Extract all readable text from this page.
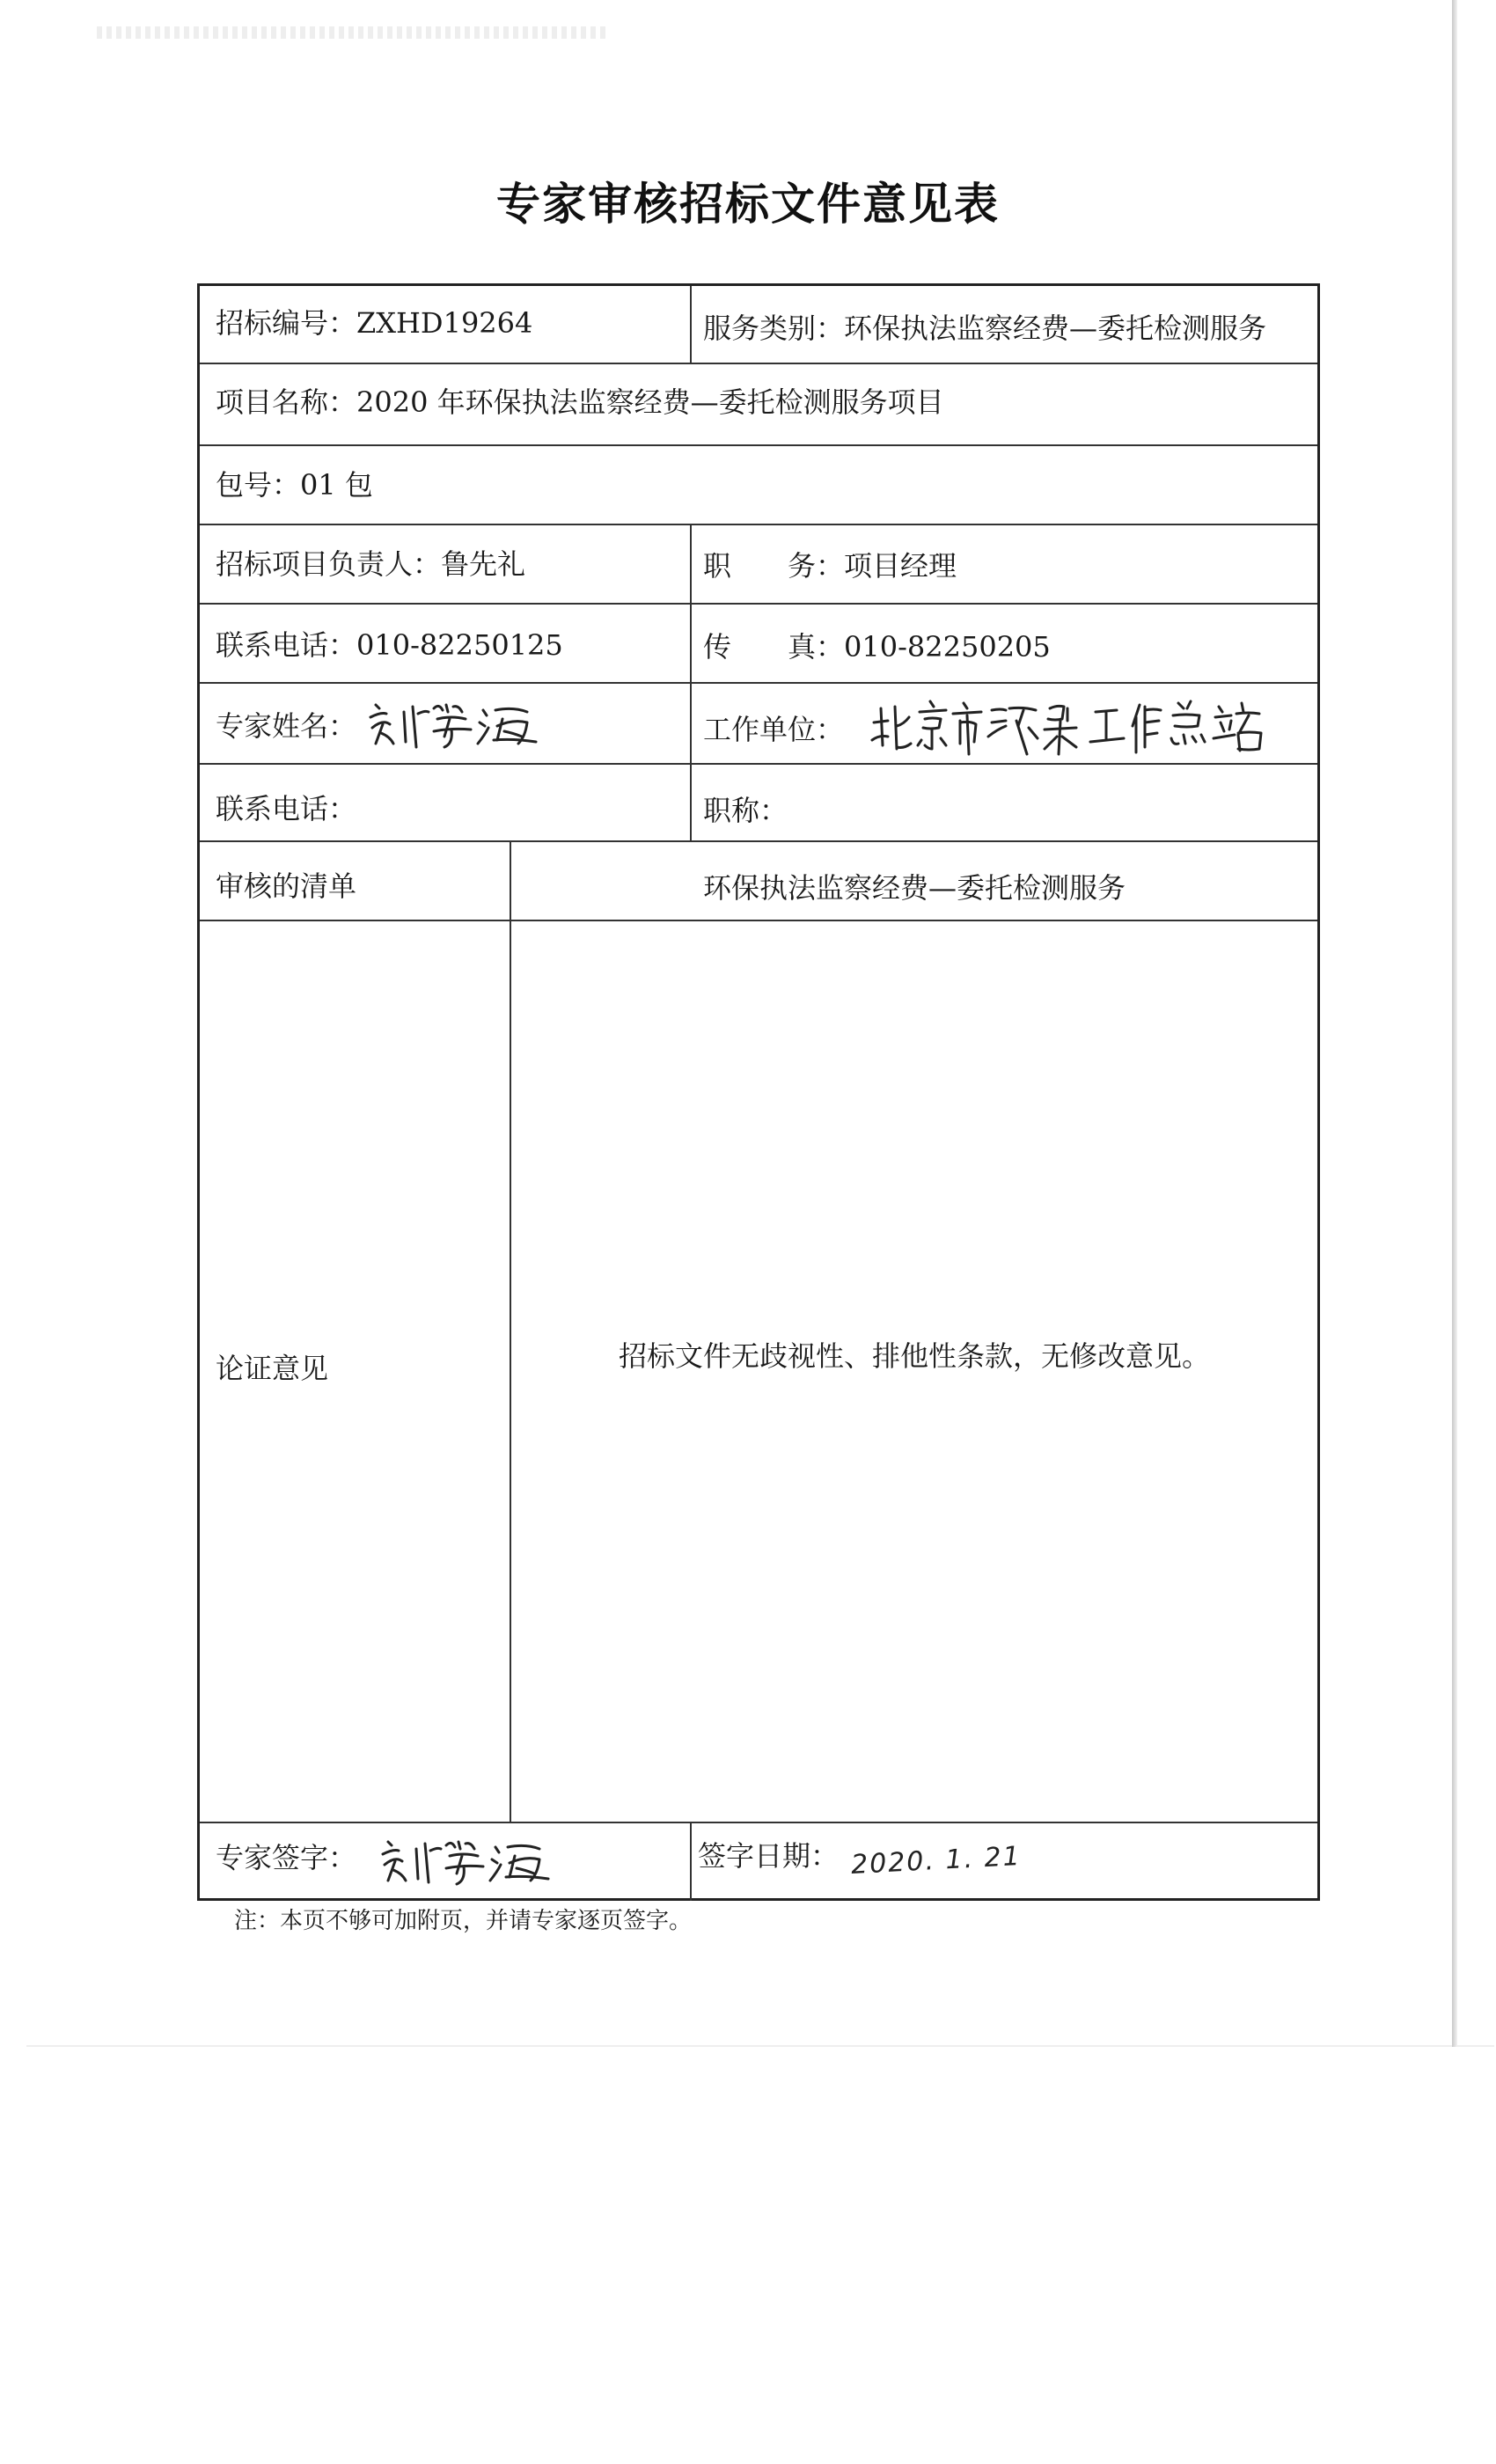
专家审核招标文件意见表
招标编号：ZXHD19264	服务类别：环保执法监察经费—委托检测服务
项目名称：2020 年环保执法监察经费—委托检测服务项目
包号：01 包
招标项目负责人：鲁先礼	职　　务：项目经理
联系电话：010-82250125	传　　真：010-82250205
专家姓名：	工作单位：
联系电话：	职称：
审核的清单	环保执法监察经费—委托检测服务
论证意见	招标文件无歧视性、排他性条款，无修改意见。
专家签字：	签字日期： 2020. 1. 21
注：本页不够可加附页，并请专家逐页签字。
